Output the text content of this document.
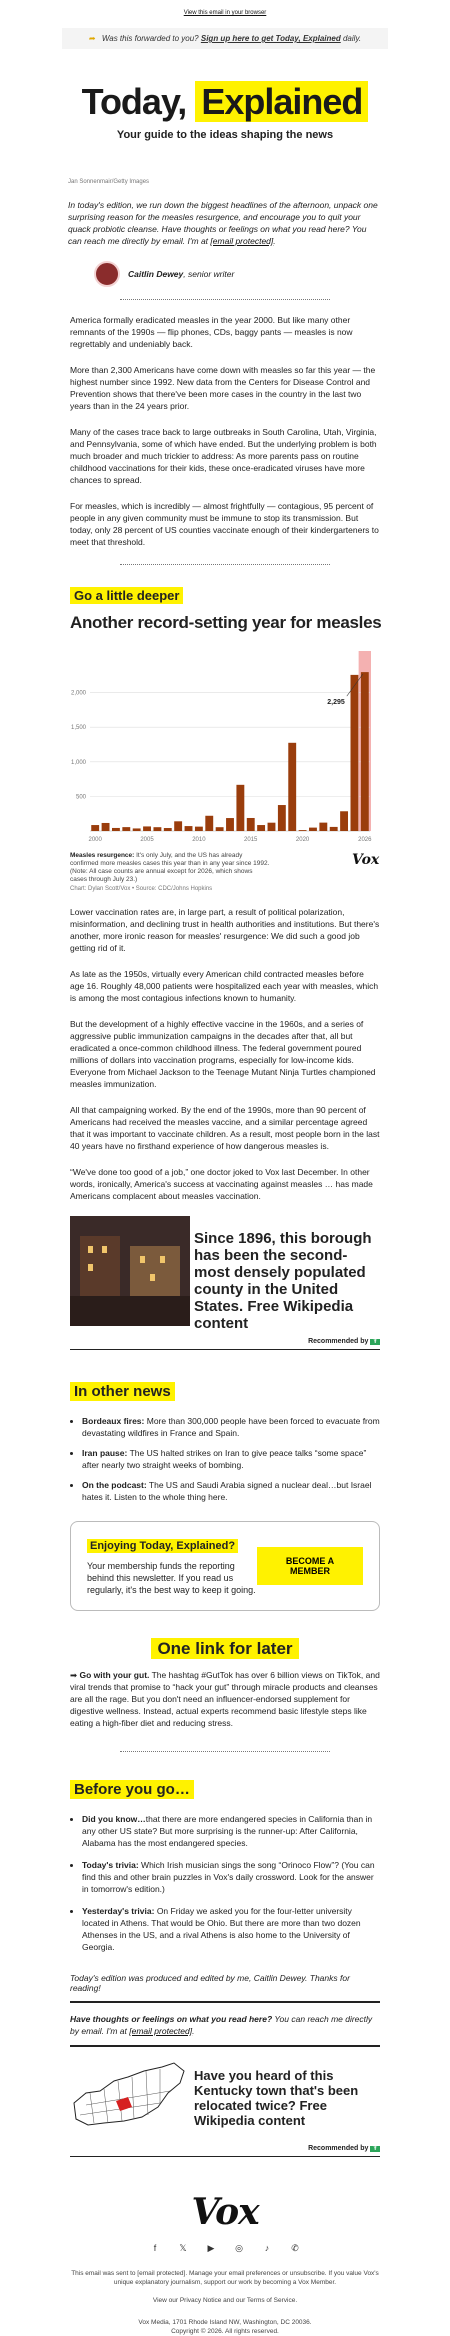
View this email in your browser
➦ Was this forwarded to you? Sign up here to get Today, Explained daily.
Today, Explained
Your guide to the ideas shaping the news
Jan Sonnenmair/Getty Images
In today's edition, we run down the biggest headlines of the afternoon, unpack one surprising reason for the measles resurgence, and encourage you to quit your quack probiotic cleanse. Have thoughts or feelings on what you read here? You can reach me directly by email. I'm at [email protected].
Caitlin Dewey, senior writer

America formally eradicated measles in the year 2000. But like many other remnants of the 1990s — flip phones, CDs, baggy pants — measles is now regrettably and undeniably back.

More than 2,300 Americans have come down with measles so far this year — the highest number since 1992. New data from the Centers for Disease Control and Prevention shows that there've been more cases in the country in the last two years than in the 24 years prior.

Many of the cases trace back to large outbreaks in South Carolina, Utah, Virginia, and Pennsylvania, some of which have ended. But the underlying problem is both much broader and much trickier to address: As more parents pass on routine childhood vaccinations for their kids, these once-eradicated viruses have more chances to spread.

For measles, which is incredibly — almost frightfully — contagious, 95 percent of people in any given community must be immune to stop its transmission. But today, only 28 percent of US counties vaccinate enough of their kindergarteners to meet that threshold.

Go a little deeper
Another record-setting year for measles
500
1,000
1,500
2,000
2000	2005	2010	2015	2020	2026
2,295
Measles resurgence: It's only July, and the US has already confirmed more measles cases this year than in any year since 1992. (Note: All case counts are annual except for 2026, which shows cases through July 23.)
Chart: Dylan Scott/Vox • Source: CDC/Johns Hopkins
Vox

Lower vaccination rates are, in large part, a result of political polarization, misinformation, and declining trust in health authorities and institutions. But there's another, more ironic reason for measles' resurgence: We did such a good job getting rid of it.

As late as the 1950s, virtually every American child contracted measles before age 16. Roughly 48,000 patients were hospitalized each year with measles, which is among the most contagious infections known to humanity.

But the development of a highly effective vaccine in the 1960s, and a series of aggressive public immunization campaigns in the decades after that, all but eradicated a once-common childhood illness. The federal government poured millions of dollars into vaccination programs, especially for low-income kids. Everyone from Michael Jackson to the Teenage Mutant Ninja Turtles championed measles immunization.

All that campaigning worked. By the end of the 1990s, more than 90 percent of Americans had received the measles vaccine, and a similar percentage agreed that it was important to vaccinate children. As a result, most people born in the last 40 years have no firsthand experience of how dangerous measles is.

“We've done too good of a job,” one doctor joked to Vox last December. In other words, ironically, America's success at vaccinating against measles … has made Americans complacent about measles vaccination.

Since 1896, this borough has been the second-most densely populated county in the United States. Free Wikipedia content
Recommended by Ŧ
In other news
• Bordeaux fires: More than 300,000 people have been forced to evacuate from devastating wildfires in France and Spain.
• Iran pause: The US halted strikes on Iran to give peace talks “some space” after nearly two straight weeks of bombing.
• On the podcast: The US and Saudi Arabia signed a nuclear deal…but Israel hates it. Listen to the whole thing here.
Enjoying Today, Explained?
Your membership funds the reporting behind this newsletter. If you read us regularly, it's the best way to keep it going.
BECOME A MEMBER
One link for later

➡ Go with your gut. The hashtag #GutTok has over 6 billion views on TikTok, and viral trends that promise to “hack your gut” through miracle products and cleanses are all the rage. But you don't need an influencer-endorsed supplement for digestive wellness. Instead, actual experts recommend basic lifestyle steps like eating a high-fiber diet and reducing stress.

Before you go…
• Did you know…that there are more endangered species in California than in any other US state? But more surprising is the runner-up: After California, Alabama has the most endangered species.
• Today's trivia: Which Irish musician sings the song “Orinoco Flow”? (You can find this and other brain puzzles in Vox's daily crossword. Look for the answer in tomorrow's edition.)
• Yesterday's trivia: On Friday we asked you for the four-letter university located in Athens. That would be Ohio. But there are more than two dozen Athenses in the US, and a rival Athens is also home to the University of Georgia.
Today's edition was produced and edited by me, Caitlin Dewey. Thanks for reading!
Have thoughts or feelings on what you read here? You can reach me directly by email. I'm at [email protected].
Have you heard of this Kentucky town that's been relocated twice? Free Wikipedia content
Recommended by Ŧ
Vox
f	𝕏	▶	◎	♪	✆
This email was sent to [email protected]. Manage your email preferences or unsubscribe. If you value Vox's unique explanatory journalism, support our work by becoming a Vox Member.
View our Privacy Notice and our Terms of Service.
Vox Media, 1701 Rhode Island NW, Washington, DC 20036.
Copyright © 2026. All rights reserved.
